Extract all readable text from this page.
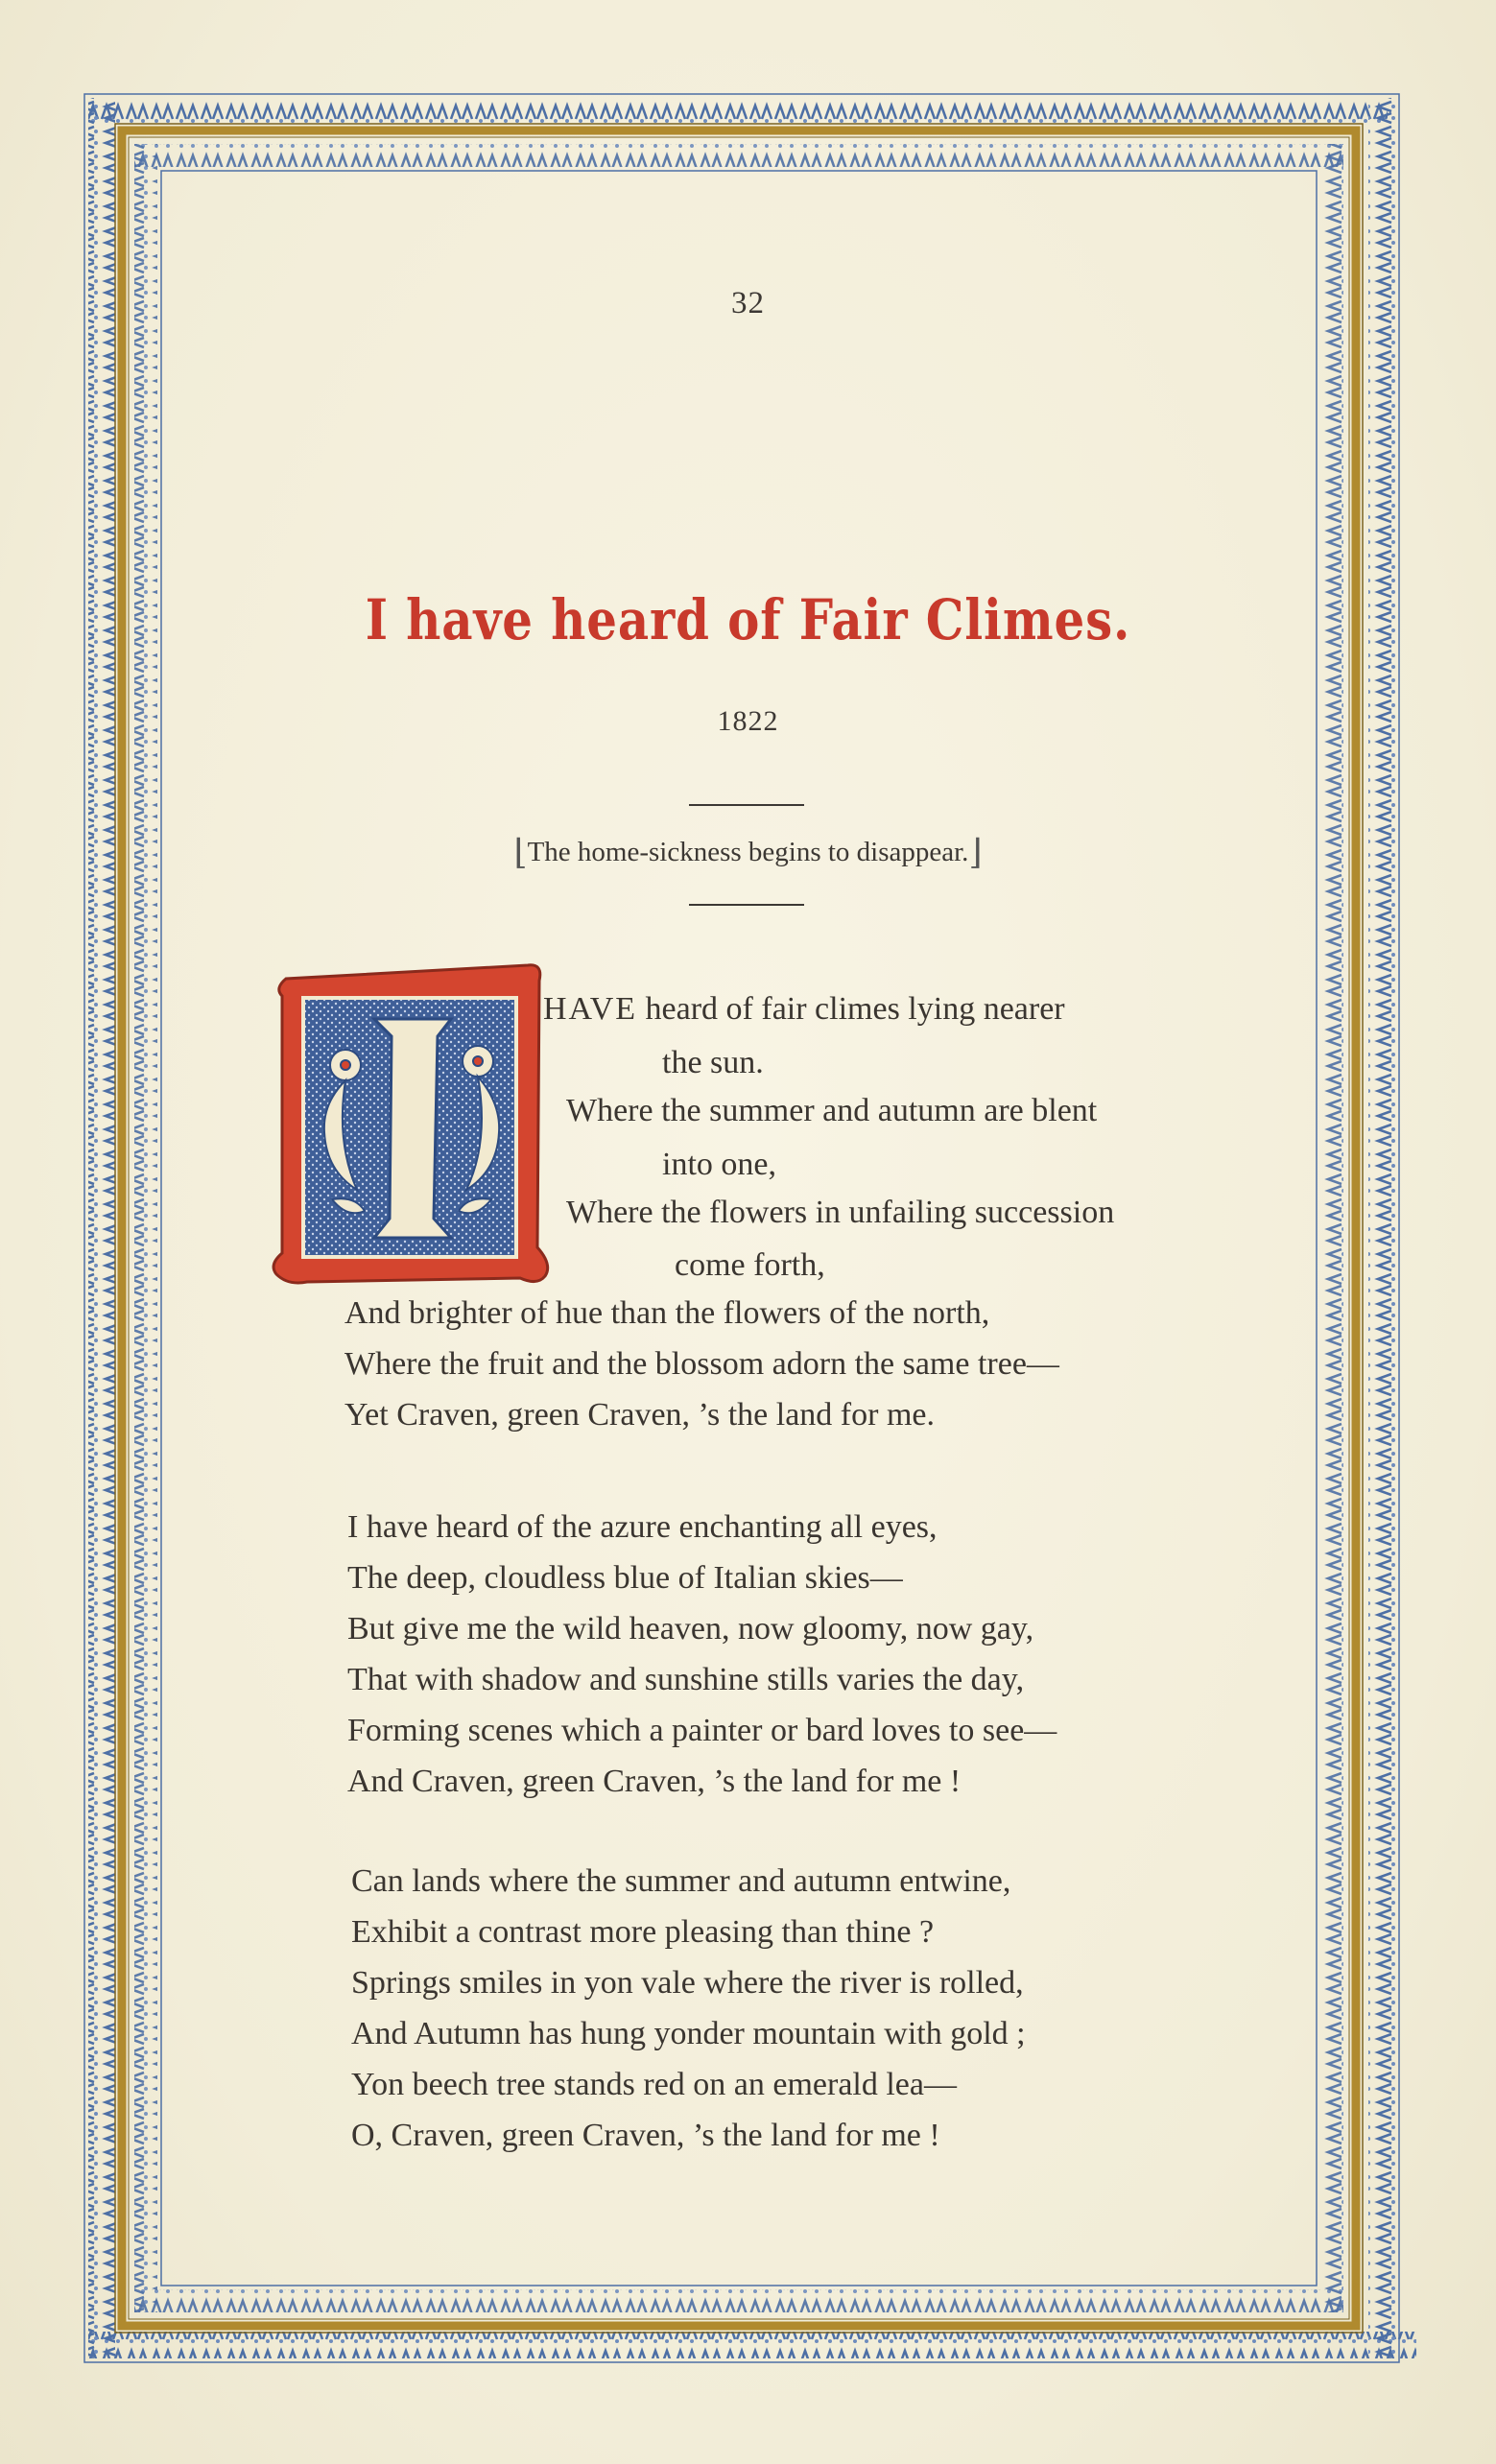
32
I have heard of Fair Climes.
1822
⌊The home-sickness begins to disappear.⌋
HAVE heard of fair climes lying nearer
the sun.
Where the summer and autumn are blent
into one,
Where the flowers in unfailing succession
come forth,
And brighter of hue than the flowers of the north,
Where the fruit and the blossom adorn the same tree—
Yet Craven, green Craven, ’s the land for me.
I have heard of the azure enchanting all eyes,
The deep, cloudless blue of Italian skies—
But give me the wild heaven, now gloomy, now gay,
That with shadow and sunshine stills varies the day,
Forming scenes which a painter or bard loves to see—
And Craven, green Craven, ’s the land for me !
Can lands where the summer and autumn entwine,
Exhibit a contrast more pleasing than thine ?
Springs smiles in yon vale where the river is rolled,
And Autumn has hung yonder mountain with gold ;
Yon beech tree stands red on an emerald lea—
O, Craven, green Craven, ’s the land for me !
